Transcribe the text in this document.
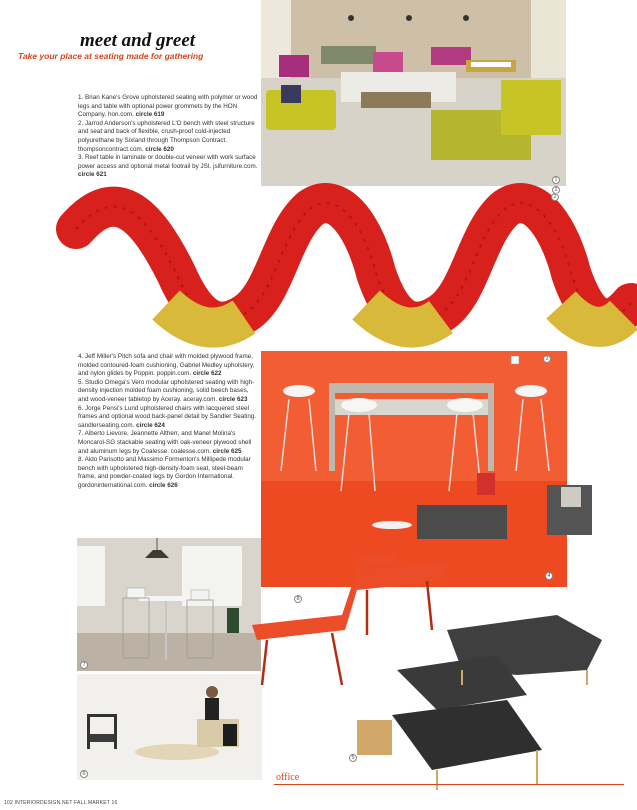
meet and greet
Take your place at seating made for gathering

1. Brian Kane's Grove upholstered seating with polymer or wood legs and table with optional power grommets by the HON Company. hon.com. circle 619

2. Jarrod Anderson's upholstered L'O bench with steel structure and seat and back of flexible, crush-proof cold-injected polyurethane by Sixland through Thompson Contract. thompsoncontract.com. circle 620

3. Reef table in laminate or double-cut veneer with work surface power access and optional metal footrail by JSI. jsifurniture.com. circle 621

1
2
2

4. Jeff Miller's Pitch sofa and chair with molded plywood frame, molded contoured-foam cushioning, Gabriel Medley upholstery, and nylon glides by Poppin. poppin.com. circle 622

5. Studio Omega's Vero modular upholstered seating with high-density injection molded foam cushioning, solid beech bases, and wood-veneer tabletop by Aceray. aceray.com. circle 623

6. Jorge Pensi's Lund upholstered chairs with lacquered steel frames and optional wood back-panel detail by Sandler Seating. sandlerseating.com. circle 624

7. Alberto Lievore, Jeannette Altherr, and Manel Molina's Moncarol-SG stackable seating with oak-veneer plywood shell and aluminum legs by Coalesse. coalesse.com. circle 625

8. Aldo Parisotto and Massimo Formenton's Millipede modular bench with upholstered high-density-foam seat, steel-beam frame, and powder-coated legs by Gordon International. gordoninternational.com. circle 626

3
7
6
8
4
5
102 INTERIORDESIGN.NET FALL MARKET 16
office
